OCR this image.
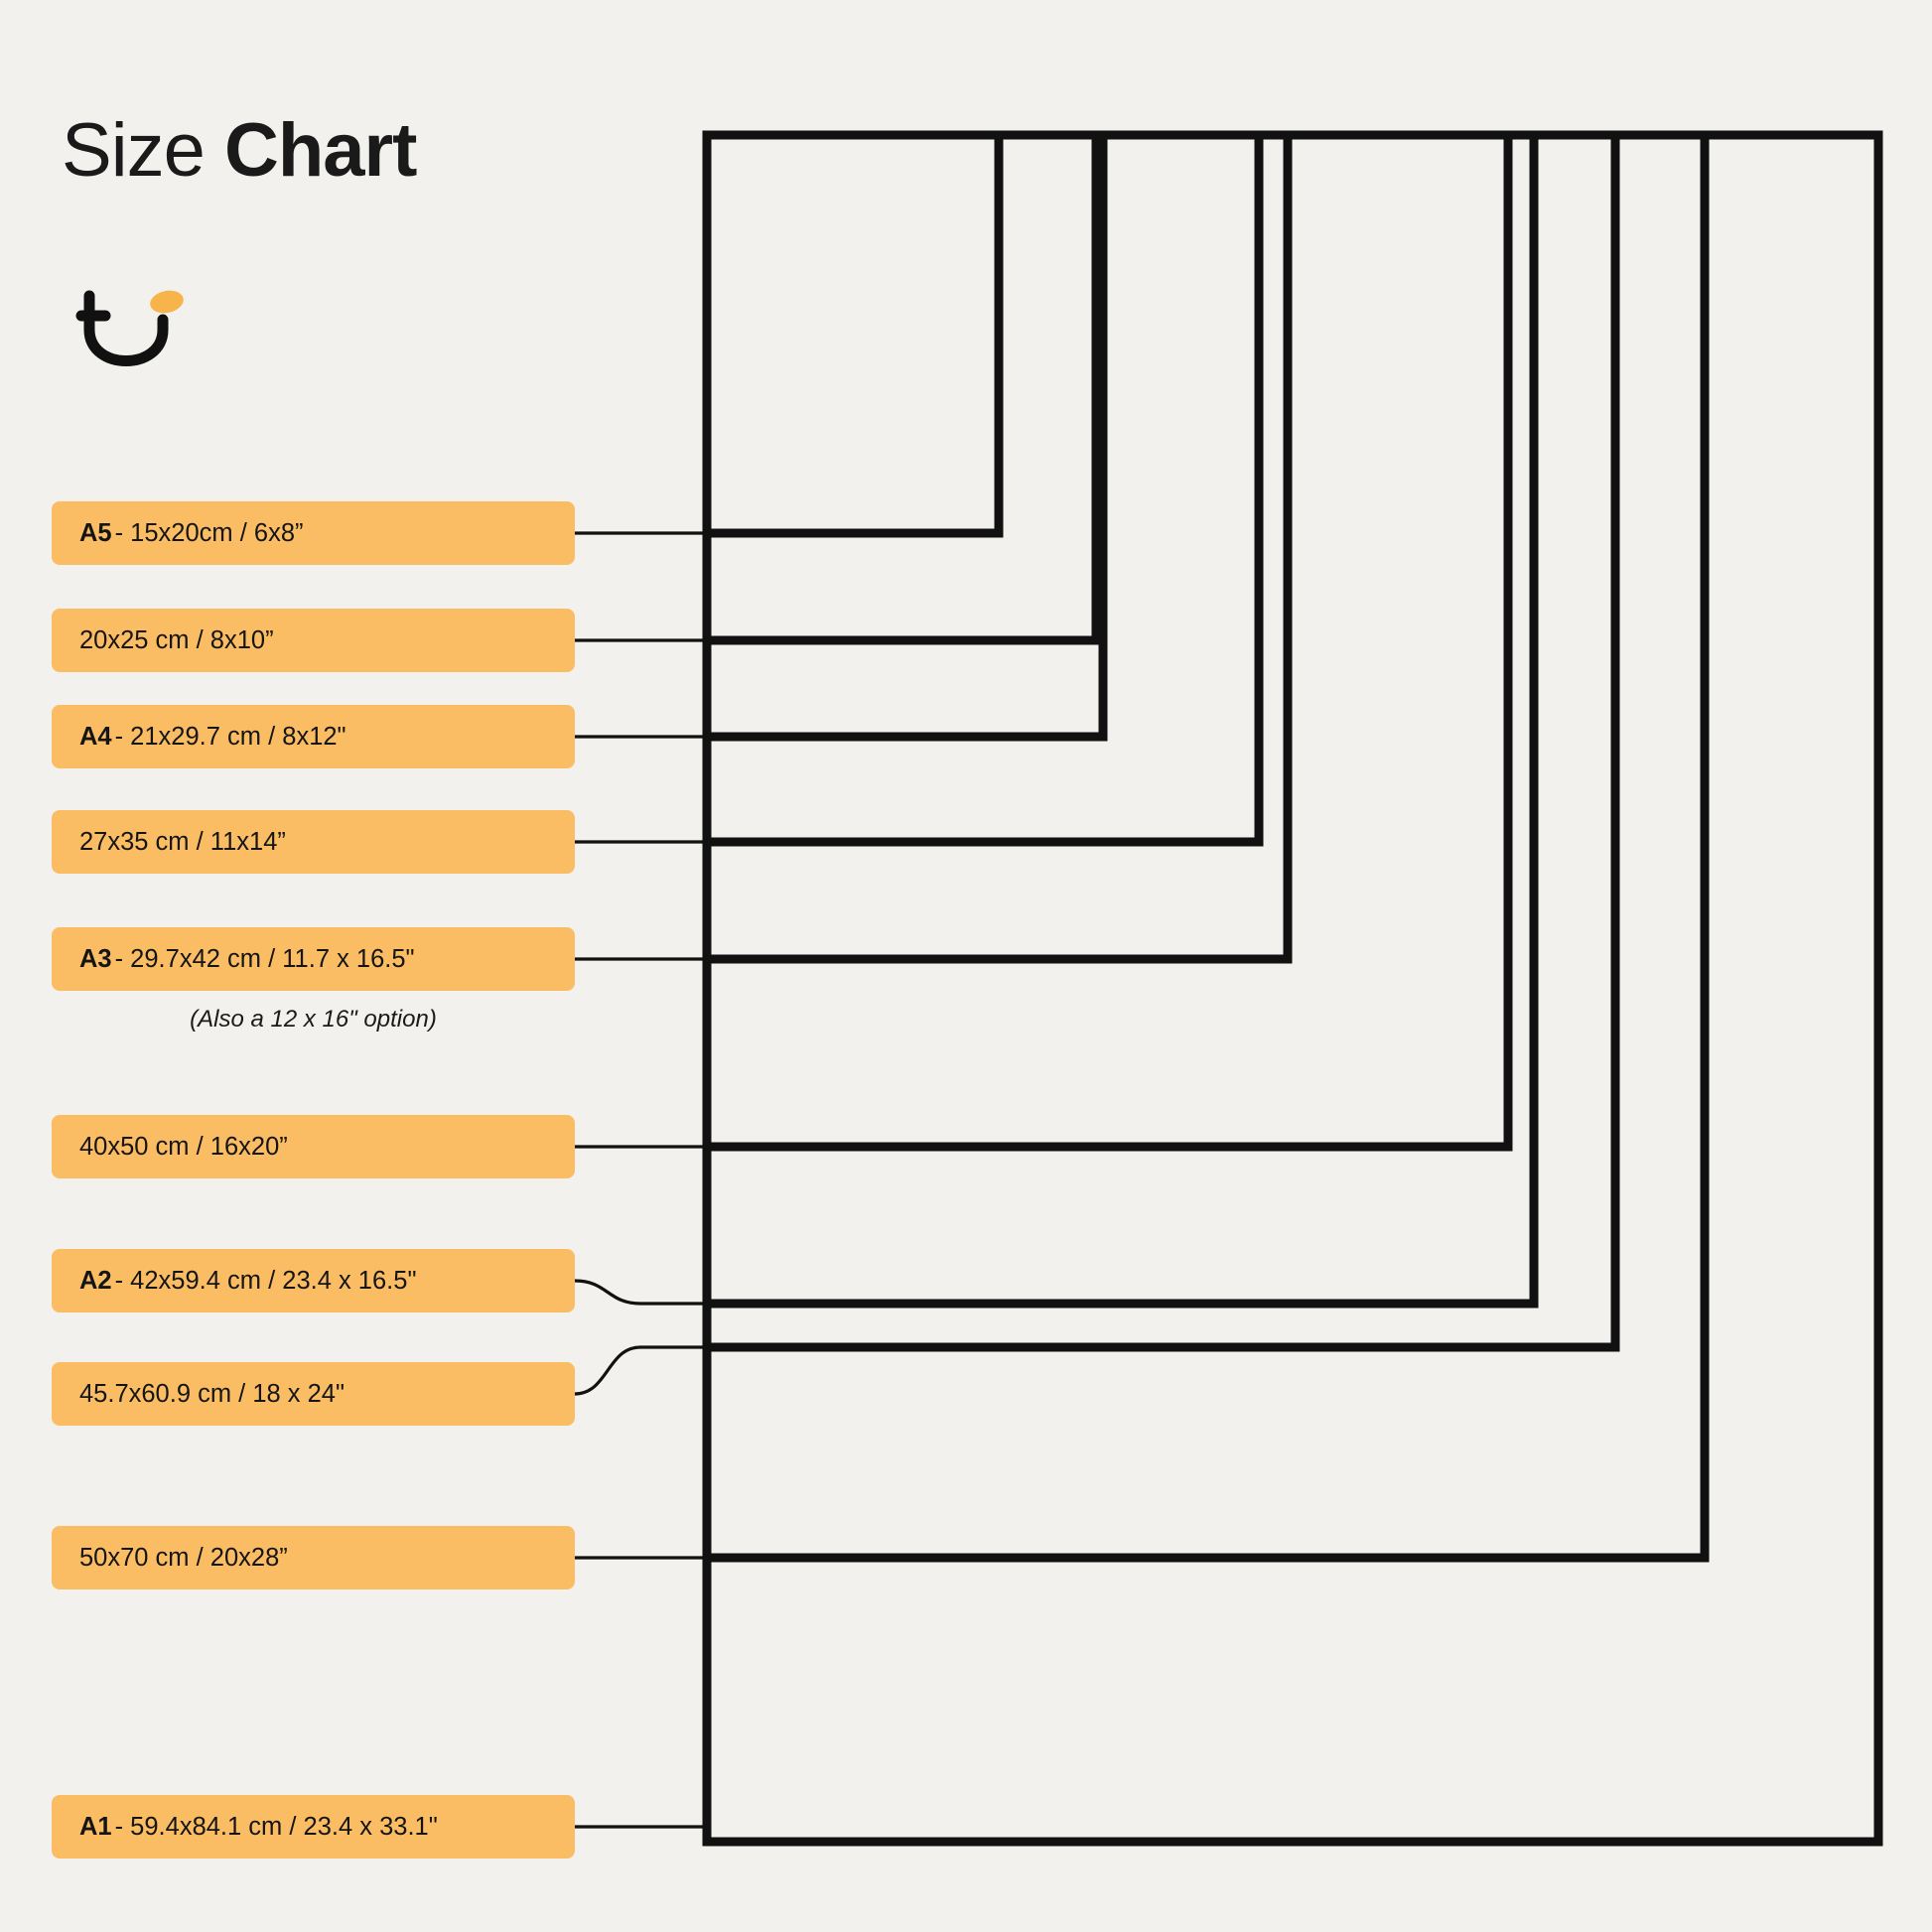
Size Chart
A5 - 15x20cm / 6x8”
20x25 cm / 8x10”
A4 - 21x29.7 cm / 8x12"
27x35 cm / 11x14”
A3 - 29.7x42 cm / 11.7 x 16.5"
(Also a 12 x 16" option)
40x50 cm / 16x20”
A2 - 42x59.4 cm / 23.4 x 16.5"
45.7x60.9 cm / 18 x 24"
50x70 cm / 20x28”
A1 - 59.4x84.1 cm / 23.4 x 33.1"
